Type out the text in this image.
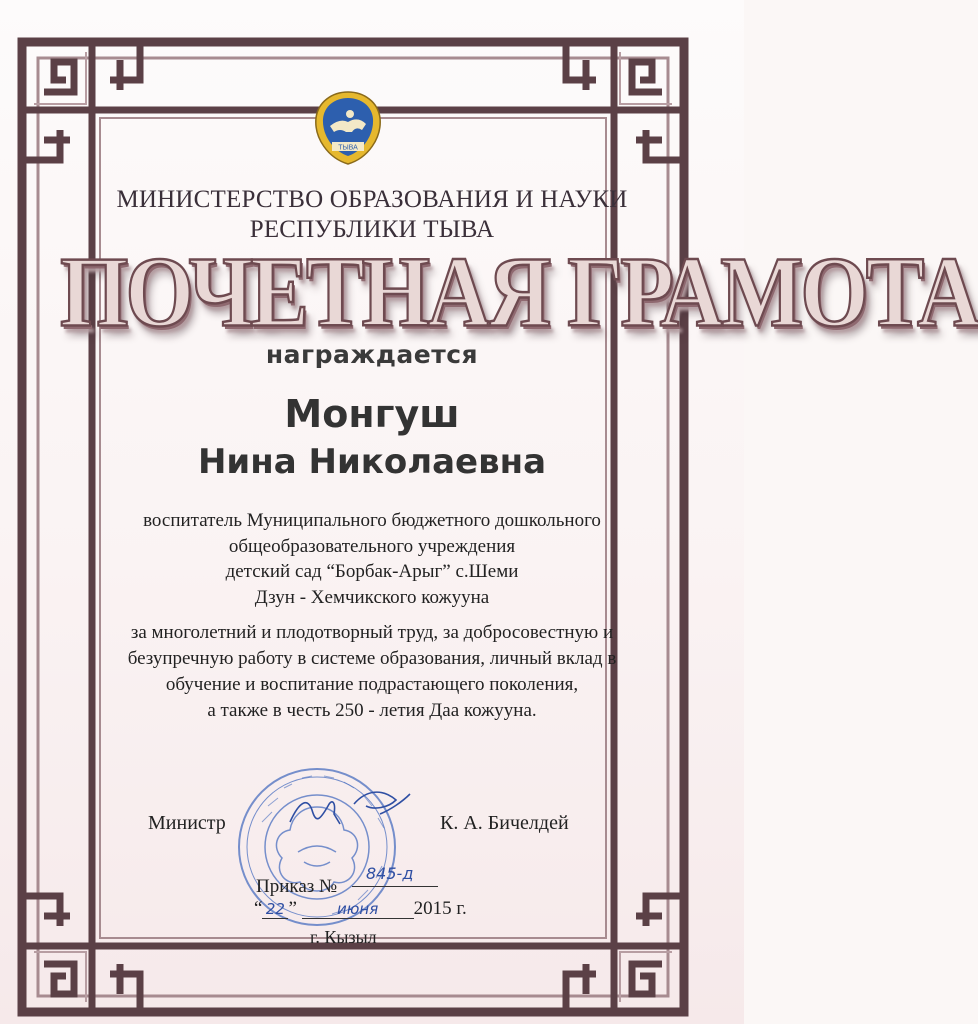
ТЫВА
МИНИСТЕРСТВО ОБРАЗОВАНИЯ И НАУКИ
РЕСПУБЛИКИ ТЫВА
ПОЧЕТНАЯ ГРАМОТА
награждается
Монгуш
Нина Николаевна
воспитатель Муниципального бюджетного дошкольного
общеобразовательного учреждения
детский сад “Борбак-Арыг” с.Шеми
Дзун - Хемчикского кожууна
за многолетний и плодотворный труд, за добросовестную и
безупречную работу в системе образования, личный вклад в
обучение и воспитание подрастающего поколения,
а также в честь 250 - летия Даа кожууна.
Министр	К. А. Бичелдей
Приказ №
845-д
“ 22 ”	июня 2015 г.
г. Кызыл
